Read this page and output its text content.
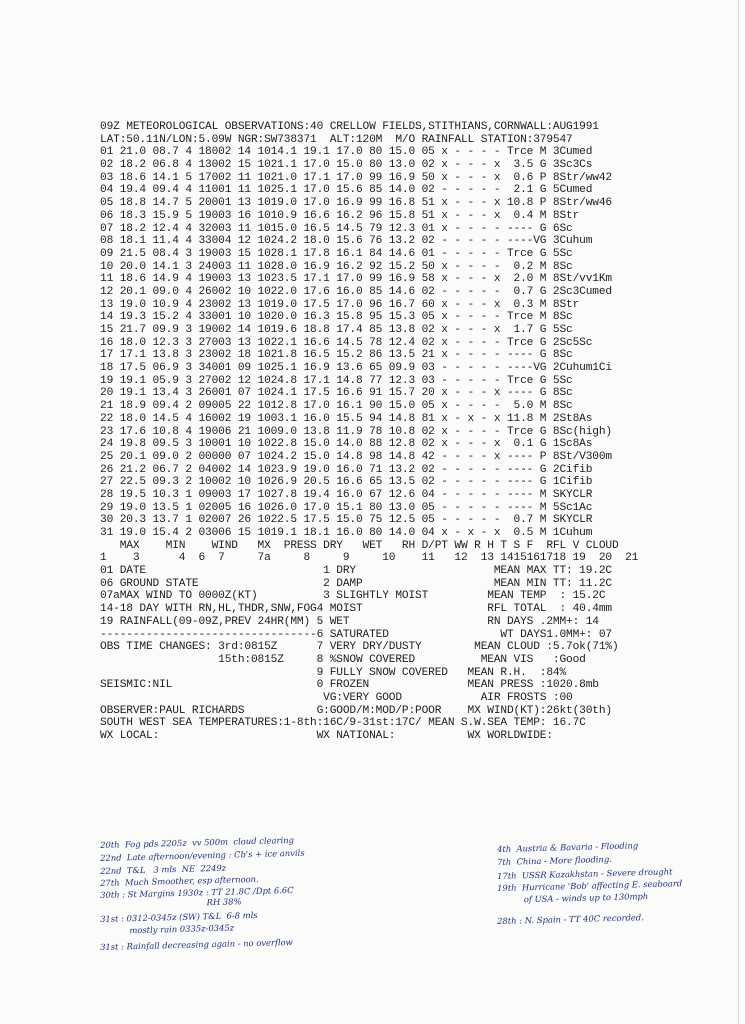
09Z METEOROLOGICAL OBSERVATIONS:40 CRELLOW FIELDS,STITHIANS,CORNWALL:AUG1991
LAT:50.11N/LON:5.09W NGR:SW738371  ALT:120M  M/O RAINFALL STATION:379547
01 21.0 08.7 4 18002 14 1014.1 19.1 17.0 80 15.0 05 x - - - - Trce M 3Cumed
02 18.2 06.8 4 13002 15 1021.1 17.0 15.0 80 13.0 02 x - - - x  3.5 G 3Sc3Cs
03 18.6 14.1 5 17002 11 1021.0 17.1 17.0 99 16.9 50 x - - - x  0.6 P 8Str/ww42
04 19.4 09.4 4 11001 11 1025.1 17.0 15.6 85 14.0 02 - - - - -  2.1 G 5Cumed
05 18.8 14.7 5 20001 13 1019.0 17.0 16.9 99 16.8 51 x - - - x 10.8 P 8Str/ww46
06 18.3 15.9 5 19003 16 1010.9 16.6 16.2 96 15.8 51 x - - - x  0.4 M 8Str
07 18.2 12.4 4 32003 11 1015.0 16.5 14.5 79 12.3 01 x - - - - ---- G 6Sc
08 18.1 11.4 4 33004 12 1024.2 18.0 15.6 76 13.2 02 - - - - - ----VG 3Cuhum
09 21.5 08.4 3 19003 15 1028.1 17.8 16.1 84 14.6 01 - - - - - Trce G 5Sc
10 20.0 14.1 3 24003 11 1028.0 16.9 16.2 92 15.2 50 x - - - -  0.2 M 8Sc
11 18.6 14.9 4 19003 13 1023.5 17.1 17.0 99 16.9 58 x - - - x  2.0 M 8St/vv1Km
12 20.1 09.0 4 26002 10 1022.0 17.6 16.0 85 14.6 02 - - - - -  0.7 G 2Sc3Cumed
13 19.0 10.9 4 23002 13 1019.0 17.5 17.0 96 16.7 60 x - - - x  0.3 M 8Str
14 19.3 15.2 4 33001 10 1020.0 16.3 15.8 95 15.3 05 x - - - - Trce M 8Sc
15 21.7 09.9 3 19002 14 1019.6 18.8 17.4 85 13.8 02 x - - - x  1.7 G 5Sc
16 18.0 12.3 3 27003 13 1022.1 16.6 14.5 78 12.4 02 x - - - - Trce G 2Sc5Sc
17 17.1 13.8 3 23002 18 1021.8 16.5 15.2 86 13.5 21 x - - - - ---- G 8Sc
18 17.5 06.9 3 34001 09 1025.1 16.9 13.6 65 09.9 03 - - - - - ----VG 2Cuhum1Ci
19 19.1 05.9 3 27002 12 1024.8 17.1 14.8 77 12.3 03 - - - - - Trce G 5Sc
20 19.1 13.4 3 26001 07 1024.1 17.5 16.6 91 15.7 20 x - - - x ---- G 8Sc
21 18.9 09.4 2 09005 22 1012.8 17.0 16.1 90 15.0 05 x - - - -  5.0 M 8Sc
22 18.0 14.5 4 16002 19 1003.1 16.0 15.5 94 14.8 81 x - x - x 11.8 M 2St8As
23 17.6 10.8 4 19006 21 1009.0 13.8 11.9 78 10.8 02 x - - - - Trce G 8Sc(high)
24 19.8 09.5 3 10001 10 1022.8 15.0 14.0 88 12.8 02 x - - - x  0.1 G 1Sc8As
25 20.1 09.0 2 00000 07 1024.2 15.0 14.8 98 14.8 42 - - - - x ---- P 8St/V300m
26 21.2 06.7 2 04002 14 1023.9 19.0 16.0 71 13.2 02 - - - - - ---- G 2Cifib
27 22.5 09.3 2 10002 10 1026.9 20.5 16.6 65 13.5 02 - - - - - ---- G 1Cifib
28 19.5 10.3 1 09003 17 1027.8 19.4 16.0 67 12.6 04 - - - - - ---- M SKYCLR
29 19.0 13.5 1 02005 16 1026.0 17.0 15.1 80 13.0 05 - - - - - ---- M 5Sc1Ac
30 20.3 13.7 1 02007 26 1022.5 17.5 15.0 75 12.5 05 - - - - -  0.7 M SKYCLR
31 19.0 15.4 2 03006 15 1019.1 18.1 16.0 80 14.0 04 x - x - x  0.5 M 1Cuhum
MAX    MIN    WIND   MX  PRESS DRY   WET   RH D/PT WW R H T S F  RFL V CLOUD
1    3      4  6  7     7a     8     9     10    11   12  13 1415161718 19  20  21
01 DATE                           1 DRY                     MEAN MAX TT: 19.2C
06 GROUND STATE                   2 DAMP                    MEAN MIN TT: 11.2C
07aMAX WIND TO 0000Z(KT)          3 SLIGHTLY MOIST         MEAN TEMP  : 15.2C
14-18 DAY WITH RN,HL,THDR,SNW,FOG4 MOIST                   RFL TOTAL  : 40.4mm
19 RAINFALL(09-09Z,PREV 24HR(MM) 5 WET                     RN DAYS .2MM+: 14
---------------------------------6 SATURATED                 WT DAYS1.0MM+: 07
OBS TIME CHANGES: 3rd:0815Z      7 VERY DRY/DUSTY        MEAN CLOUD :5.7ok(71%)
15th:0815Z     8 %SNOW COVERED          MEAN VIS   :Good
9 FULLY SNOW COVERED   MEAN R.H.  :84%
SEISMIC:NIL                      0 FROZEN               MEAN PRESS :1020.8mb
VG:VERY GOOD            AIR FROSTS :00
OBSERVER:PAUL RICHARDS           G:GOOD/M:MOD/P:POOR    MX WIND(KT):26kt(30th)
SOUTH WEST SEA TEMPERATURES:1-8th:16C/9-31st:17C/ MEAN S.W.SEA TEMP: 16.7C
WX LOCAL:                        WX NATIONAL:           WX WORLDWIDE:
20th  Fog pds 2205z  vv 500m  cloud clearing
22nd  Late afternoon/evening : Cb's + ice anvils
22nd  T&L   3 mls  NE  2249z
27th  Much Smoother, esp afternoon.
30th : St Margins 1930z : TT 21.8C /Dpt 6.6C
RH 38%
31st : 0312-0345z (SW) T&L  6-8 mls
mostly rain 0335z-0345z
31st : Rainfall decreasing again - no overflow
4th  Austria & Bavaria - Flooding
7th  China - More flooding.
17th  USSR Kazakhstan - Severe drought
19th  Hurricane 'Bob' affecting E. seaboard
of USA - winds up to 130mph
28th : N. Spain - TT 40C recorded.
